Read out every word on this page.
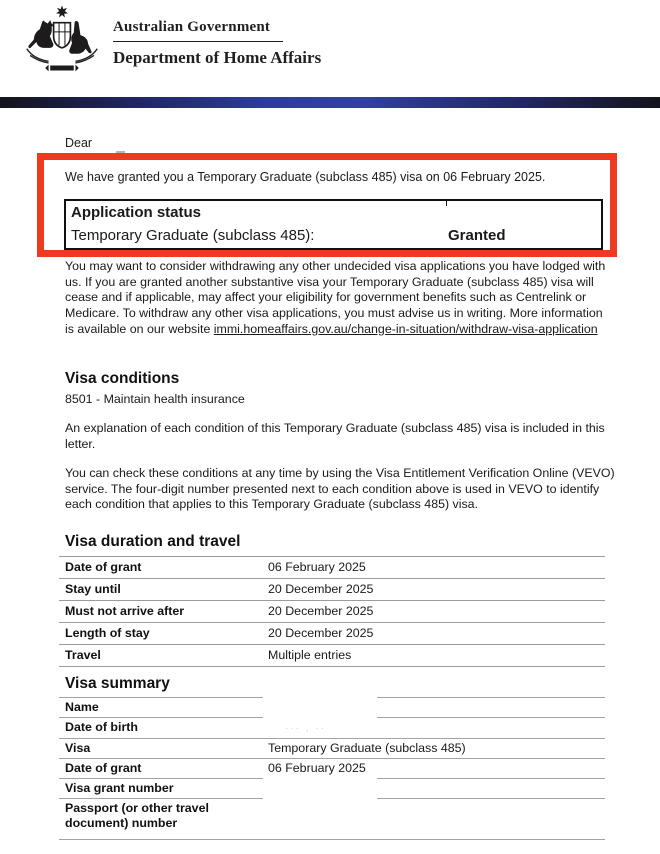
Australian Government
Department of Home Affairs
Dear
We have granted you a Temporary Graduate (subclass 485) visa on 06 February 2025.
Application status
Temporary Graduate (subclass 485):	Granted

You may want to consider withdrawing any other undecided visa applications you have lodged with us. If you are granted another substantive visa your Temporary Graduate (subclass 485) visa will cease and if applicable, may affect your eligibility for government benefits such as Centrelink or Medicare. To withdraw any other visa applications, you must advise us in writing. More information is available on our website immi.homeaffairs.gov.au/change-in-situation/withdraw-visa-application

Visa conditions
8501 - Maintain health insurance

An explanation of each condition of this Temporary Graduate (subclass 485) visa is included in this letter.

You can check these conditions at any time by using the Visa Entitlement Verification Online (VEVO) service. The four-digit number presented next to each condition above is used in VEVO to identify each condition that applies to this Temporary Graduate (subclass 485) visa.

Visa duration and travel
Date of grant	06 February 2025
Stay until	20 December 2025
Must not arrive after	20 December 2025
Length of stay	20 December 2025
Travel	Multiple entries
Visa summary
Name
Date of birth	··· , ··
Visa	Temporary Graduate (subclass 485)
Date of grant	06 February 2025
Visa grant number
Passport (or other travel document) number
